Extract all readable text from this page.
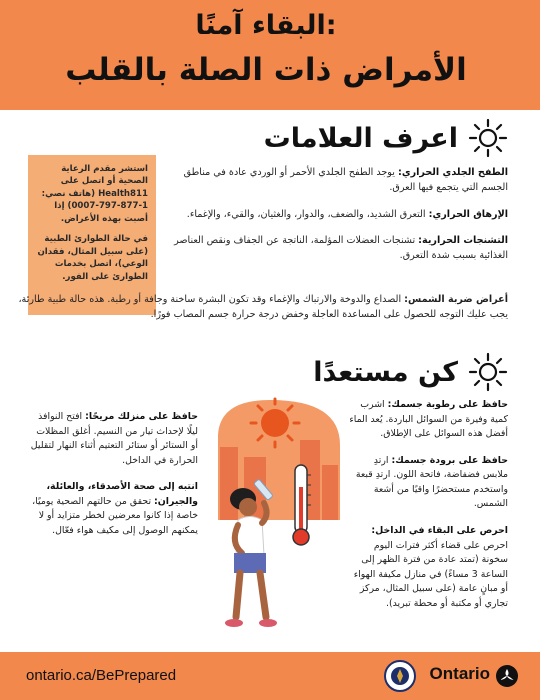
البقاء آمنًا:
الأمراض ذات الصلة بالقلب
اعرف العلامات

استشر مقدم الرعاية الصحية أو اتصل على Health811 (هاتف نصي: 1-877-797-0007) إذا أصبت بهذه الأعراض.

في حالة الطوارئ الطبية (على سبيل المثال، فقدان الوعي)، اتصل بخدمات الطوارئ على الفور.

الطفح الجلدي الحراري: يوجد الطفح الجلدي الأحمر أو الوردي عادة في مناطق الجسم التي يتجمع فيها العرق.
الإرهاق الحراري: التعرق الشديد، والضعف، والدوار، والغثيان، والقيء، والإغماء.
التشنجات الحرارية: تشنجات العضلات المؤلمة، الناتجة عن الجفاف ونقص العناصر الغذائية بسبب شدة التعرق.
أعراض ضربة الشمس: الصداع والدوخة والارتباك والإغماء وقد تكون البشرة ساخنة وجافة أو رطبة. هذه حالة طبية طارئة، يجب عليك التوجه للحصول على المساعدة العاجلة وخفض درجة حرارة جسم المصاب فورًا.
كن مستعدًا
حافظ على رطوبة جسمك: اشرب كمية وفيرة من السوائل الباردة. يُعد الماء أفضل هذه السوائل على الإطلاق.
حافظ على برودة جسمك: ارتدِ ملابس فضفاضة، فاتحة اللون. ارتدِ قبعة واستخدم مستحضرًا واقيًا من أشعة الشمس.
احرص على البقاء في الداخل: احرص على قضاء أكثر فترات اليوم سخونة (تمتد عادة من فترة الظهر إلى الساعة 3 مساءً) في منازل مكيفة الهواء أو مبانٍ عامة (على سبيل المثال، مركز تجاري أو مكتبة أو محطة تبريد).
حافظ على منزلك مريحًا: افتح النوافذ ليلًا لإحداث تيار من النسيم. أغلق المظلات أو الستائر أو ستائر التعتيم أثناء النهار لتقليل الحرارة في الداخل.
انتبه إلى صحة الأصدقاء، والعائلة، والجيران: تحقق من حالتهم الصحية يوميًا، خاصة إذا كانوا معرضين لخطر متزايد أو لا يمكنهم الوصول إلى مكيف هواء فعّال.
ontario.ca/BePrepared	Ontario
